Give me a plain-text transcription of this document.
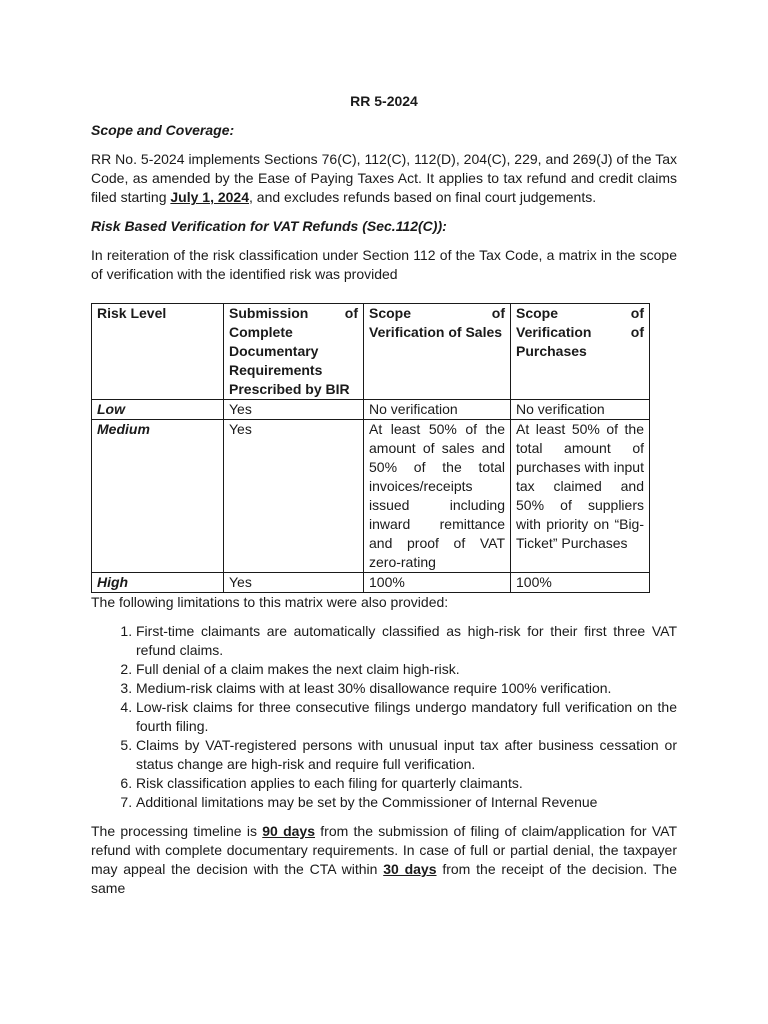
RR 5-2024
Scope and Coverage:

RR No. 5-2024 implements Sections 76(C), 112(C), 112(D), 204(C), 229, and 269(J) of the Tax Code, as amended by the Ease of Paying Taxes Act. It applies to tax refund and credit claims filed starting July 1, 2024, and excludes refunds based on final court judgements.

Risk Based Verification for VAT Refunds (Sec.112(C)):

In reiteration of the risk classification under Section 112 of the Tax Code, a matrix in the scope of verification with the identified risk was provided

Risk Level	Submission of Complete Documentary Requirements Prescribed by BIR	Scope of Verification of Sales	Scope of Verification of Purchases
Low	Yes	No verification	No verification
Medium	Yes	At least 50% of the amount of sales and 50% of the total invoices/receipts issued including inward remittance and proof of VAT zero-rating	At least 50% of the total amount of purchases with input tax claimed and 50% of suppliers with priority on “Big-Ticket” Purchases
High	Yes	100%	100%

The following limitations to this matrix were also provided:

1. First-time claimants are automatically classified as high-risk for their first three VAT refund claims.
2. Full denial of a claim makes the next claim high-risk.
3. Medium-risk claims with at least 30% disallowance require 100% verification.
4. Low-risk claims for three consecutive filings undergo mandatory full verification on the fourth filing.
5. Claims by VAT-registered persons with unusual input tax after business cessation or status change are high-risk and require full verification.
6. Risk classification applies to each filing for quarterly claimants.
7. Additional limitations may be set by the Commissioner of Internal Revenue

The processing timeline is 90 days from the submission of filing of claim/application for VAT refund with complete documentary requirements. In case of full or partial denial, the taxpayer may appeal the decision with the CTA within 30 days from the receipt of the decision. The same
